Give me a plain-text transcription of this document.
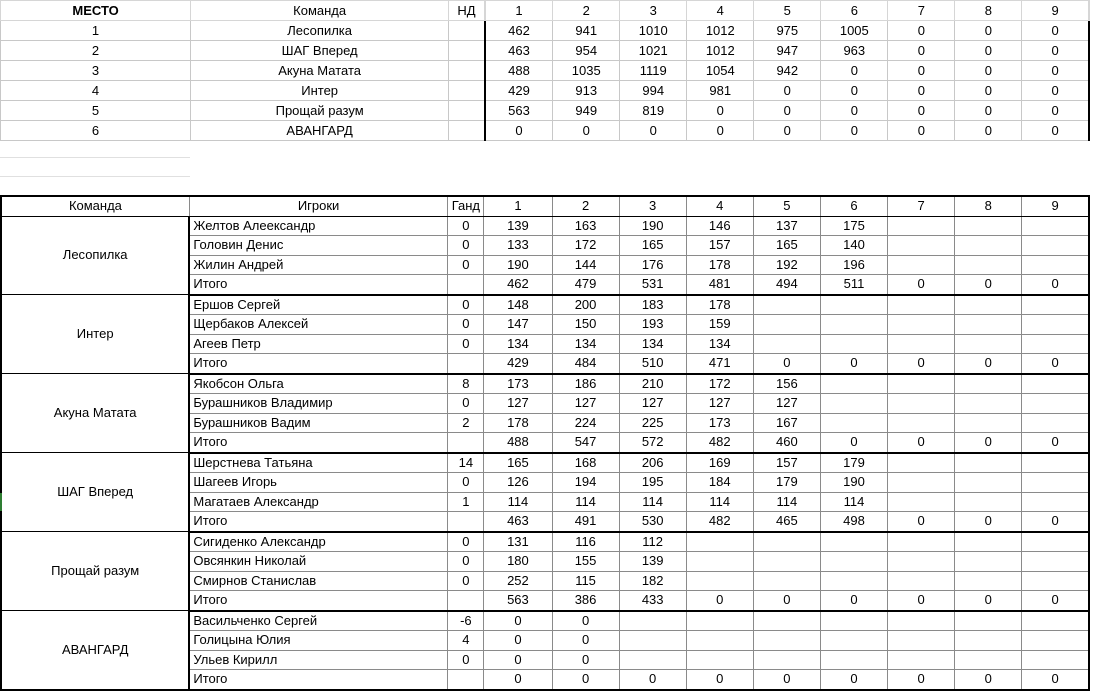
МЕСТО	Команда	НД	1	2	3	4	5	6	7	8	9
1	Лесопилка		462	941	1010	1012	975	1005	0	0	0
2	ШАГ Вперед		463	954	1021	1012	947	963	0	0	0
3	Акуна Матата		488	1035	1119	1054	942	0	0	0	0
4	Интер		429	913	994	981	0	0	0	0	0
5	Прощай разум		563	949	819	0	0	0	0	0	0
6	АВАНГАРД		0	0	0	0	0	0	0	0	0
Команда	Игроки	Ганд	1	2	3	4	5	6	7	8	9
Лесопилка	Желтов Алеександр	0	139	163	190	146	137	175			
	Головин Денис	0	133	172	165	157	165	140			
	Жилин Андрей	0	190	144	176	178	192	196			
	Итого		462	479	531	481	494	511	0	0	0
Интер	Ершов Сергей	0	148	200	183	178					
	Щербаков Алексей	0	147	150	193	159					
	Агеев Петр	0	134	134	134	134					
	Итого		429	484	510	471	0	0	0	0	0
Акуна Матата	Якобсон Ольга	8	173	186	210	172	156				
	Бурашников Владимир	0	127	127	127	127	127				
	Бурашников Вадим	2	178	224	225	173	167				
	Итого		488	547	572	482	460	0	0	0	0
ШАГ Вперед	Шерстнева Татьяна	14	165	168	206	169	157	179			
	Шагеев Игорь	0	126	194	195	184	179	190			
	Магатаев Александр	1	114	114	114	114	114	114			
	Итого		463	491	530	482	465	498	0	0	0
Прощай разум	Сигиденко Александр	0	131	116	112						
	Овсянкин Николай	0	180	155	139						
	Смирнов Станислав	0	252	115	182						
	Итого		563	386	433	0	0	0	0	0	0
АВАНГАРД	Васильченко Сергей	-6	0	0							
	Голицына Юлия	4	0	0							
	Ульев Кирилл	0	0	0							
	Итого		0	0	0	0	0	0	0	0	0
